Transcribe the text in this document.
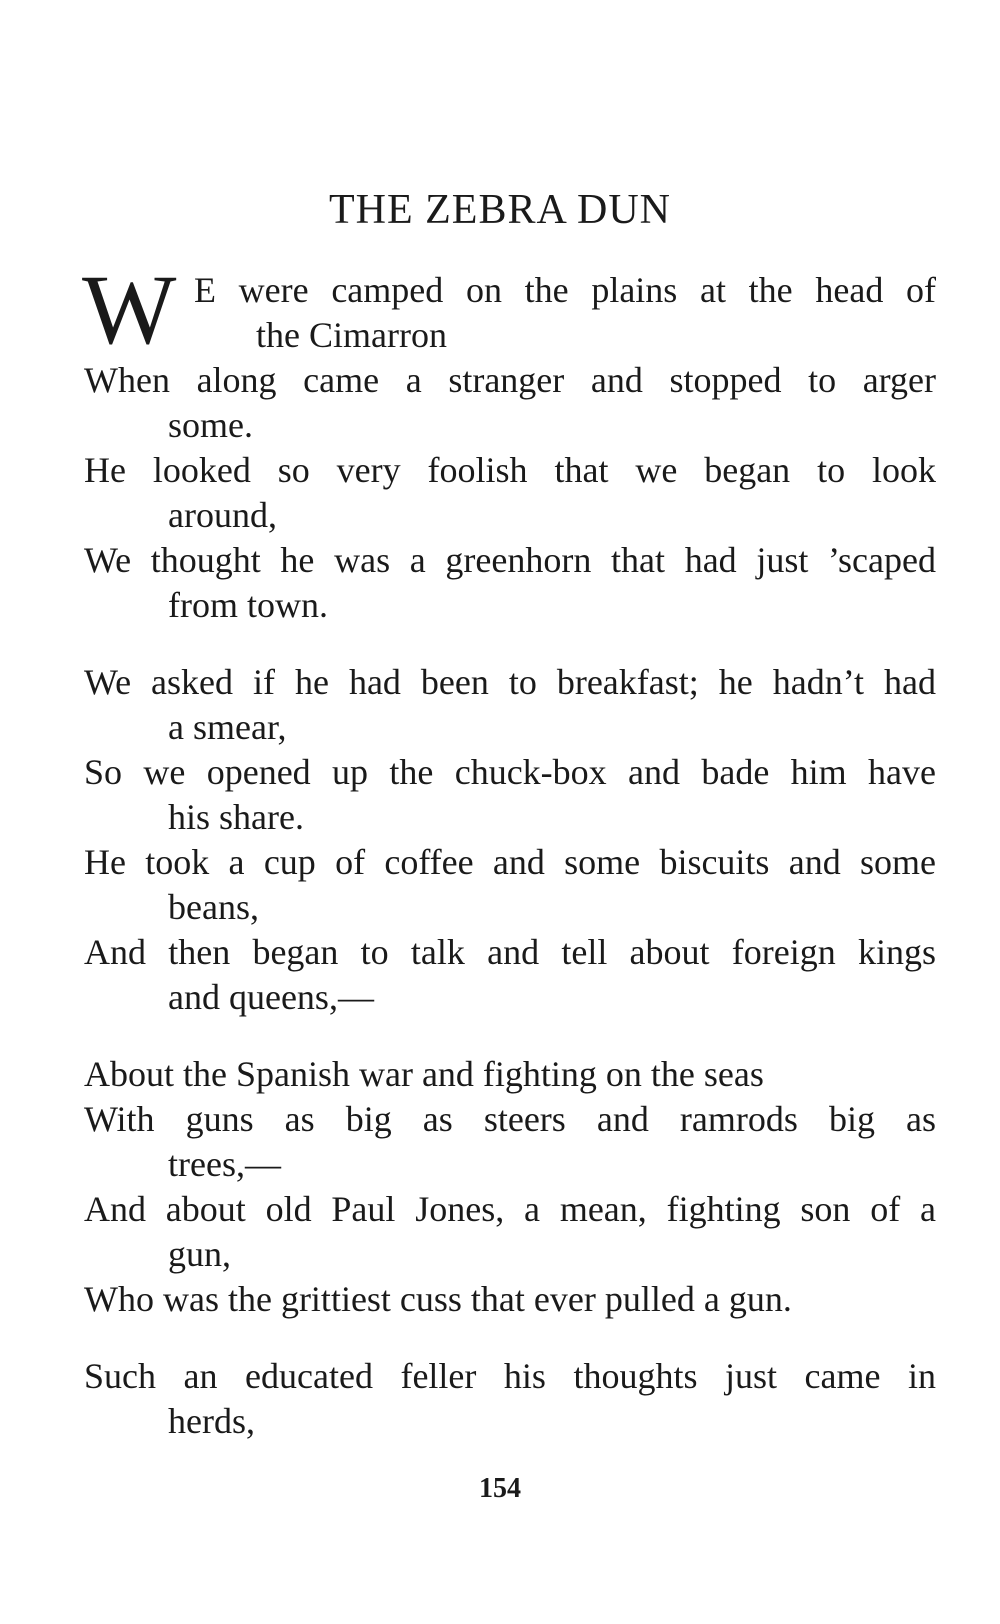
THE ZEBRA DUN
W E were camped on the plains at the head of

the Cimarron

When along came a stranger and stopped to arger

some.

He looked so very foolish that we began to look

around,

We thought he was a greenhorn that had just ’scaped

from town.

We asked if he had been to breakfast; he hadn’t had

a smear,

So we opened up the chuck-box and bade him have

his share.

He took a cup of coffee and some biscuits and some

beans,

And then began to talk and tell about foreign kings

and queens,—

About the Spanish war and fighting on the seas

With guns as big as steers and ramrods big as

trees,—

And about old Paul Jones, a mean, fighting son of a

gun,

Who was the grittiest cuss that ever pulled a gun.

Such an educated feller his thoughts just came in

herds,

154
